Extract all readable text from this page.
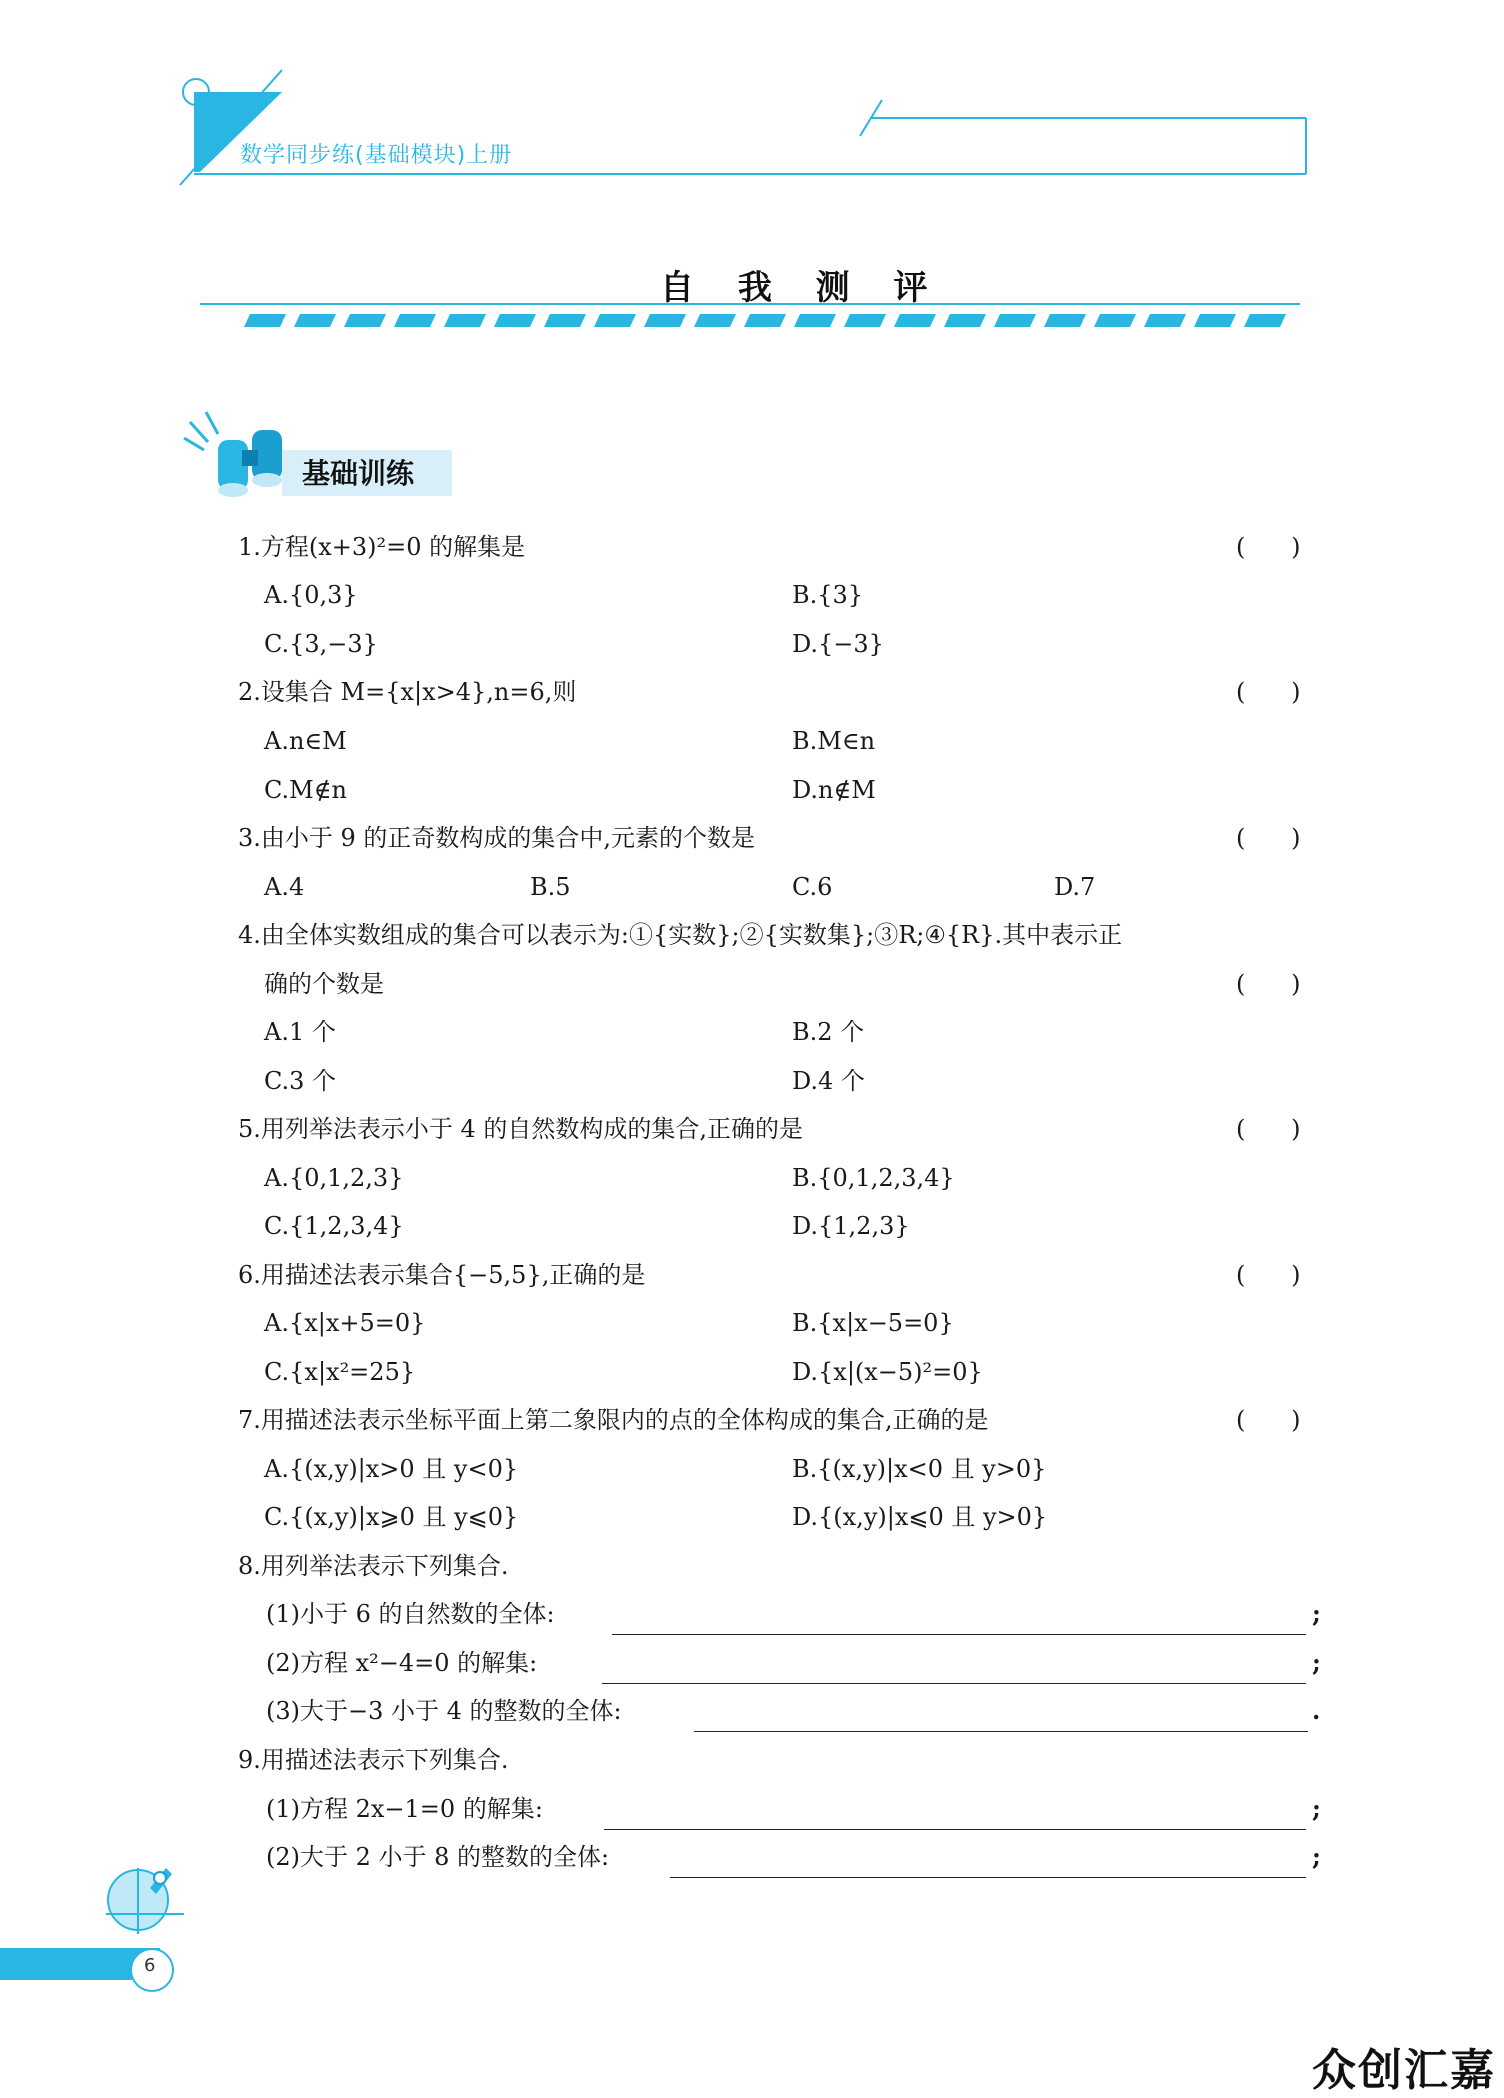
数学同步练(基础模块)上册
自 我 测 评
基础训练
1.方程(x+3)²=0 的解集是	(      )
A.{0,3}	B.{3}
C.{3,−3}	D.{−3}
2.设集合 M={x|x>4},n=6,则	(      )
A.n∈M	B.M∈n
C.M∉n	D.n∉M
3.由小于 9 的正奇数构成的集合中,元素的个数是	(      )
A.4	B.5	C.6	D.7
4.由全体实数组成的集合可以表示为:①{实数};②{实数集};③R;④{R}.其中表示正
确的个数是	(      )
A.1 个	B.2 个
C.3 个	D.4 个
5.用列举法表示小于 4 的自然数构成的集合,正确的是	(      )
A.{0,1,2,3}	B.{0,1,2,3,4}
C.{1,2,3,4}	D.{1,2,3}
6.用描述法表示集合{−5,5},正确的是	(      )
A.{x|x+5=0}	B.{x|x−5=0}
C.{x|x²=25}	D.{x|(x−5)²=0}
7.用描述法表示坐标平面上第二象限内的点的全体构成的集合,正确的是	(      )
A.{(x,y)|x>0 且 y<0}	B.{(x,y)|x<0 且 y>0}
C.{(x,y)|x⩾0 且 y⩽0}	D.{(x,y)|x⩽0 且 y>0}
8.用列举法表示下列集合.
(1)小于 6 的自然数的全体:	;
(2)方程 x²−4=0 的解集:	;
(3)大于−3 小于 4 的整数的全体:	.
9.用描述法表示下列集合.
(1)方程 2x−1=0 的解集:	;
(2)大于 2 小于 8 的整数的全体:	;
6
众创汇嘉
